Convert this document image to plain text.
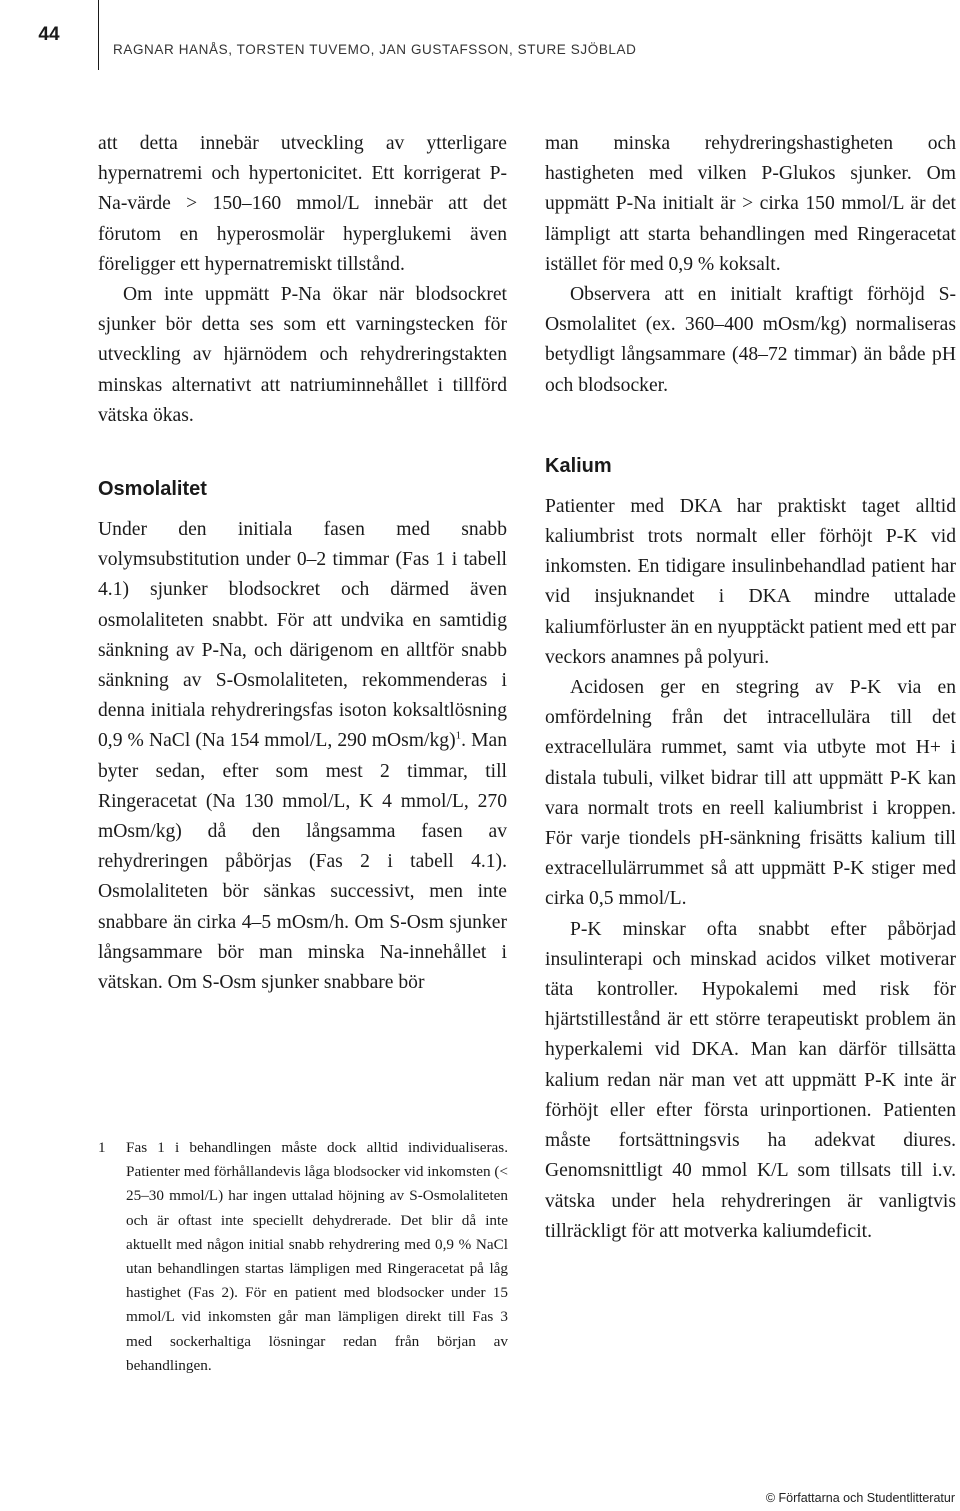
44
RAGNAR HANÅS, TORSTEN TUVEMO, JAN GUSTAFSSON, STURE SJÖBLAD

att detta innebär utveckling av ytterligare hypernatremi och hypertonicitet. Ett korrigerat P-Na-värde > 150–160 mmol/L innebär att det förutom en hyperosmolär hyperglukemi även föreligger ett hypernatremiskt tillstånd.

Om inte uppmätt P-Na ökar när blodsockret sjunker bör detta ses som ett varningstecken för utveckling av hjärnödem och rehydreringstakten minskas alternativt att natriuminnehållet i tillförd vätska ökas.

Osmolalitet

Under den initiala fasen med snabb volymsubstitution under 0–2 timmar (Fas 1 i tabell 4.1) sjunker blodsockret och därmed även osmolaliteten snabbt. För att undvika en samtidig sänkning av P-Na, och därigenom en alltför snabb sänkning av S-Osmolaliteten, rekommenderas i denna initiala rehydreringsfas isoton koksaltlösning 0,9 % NaCl (Na 154 mmol/L, 290 mOsm/kg)$^1$. Man byter sedan, efter som mest 2 timmar, till Ringeracetat (Na 130 mmol/L, K 4 mmol/L, 270 mOsm/kg) då den långsamma fasen av rehydreringen påbörjas (Fas 2 i tabell 4.1). Osmolaliteten bör sänkas successivt, men inte snabbare än cirka 4–5 mOsm/h. Om S-Osm sjunker långsammare bör man minska Na-innehållet i vätskan. Om S-Osm sjunker snabbare bör

1 Fas 1 i behandlingen måste dock alltid individualiseras. Patienter med förhållandevis låga blodsocker vid inkomsten (< 25–30 mmol/L) har ingen uttalad höjning av S-Osmolaliteten och är oftast inte speciellt dehydrerade. Det blir då inte aktuellt med någon initial snabb rehydrering med 0,9 % NaCl utan behandlingen startas lämpligen med Ringeracetat på låg hastighet (Fas 2). För en patient med blodsocker under 15 mmol/L vid inkomsten går man lämpligen direkt till Fas 3 med sockerhaltiga lösningar redan från början av behandlingen.

man minska rehydreringshastigheten och hastigheten med vilken P-Glukos sjunker. Om uppmätt P-Na initialt är > cirka 150 mmol/L är det lämpligt att starta behandlingen med Ringeracetat istället för med 0,9 % koksalt.

Observera att en initialt kraftigt förhöjd S-Osmolalitet (ex. 360–400 mOsm/kg) normaliseras betydligt långsammare (48–72 timmar) än både pH och blodsocker.

Kalium

Patienter med DKA har praktiskt taget alltid kaliumbrist trots normalt eller förhöjt P-K vid inkomsten. En tidigare insulinbehandlad patient har vid insjuknandet i DKA mindre uttalade kaliumförluster än en nyupptäckt patient med ett par veckors anamnes på polyuri.

Acidosen ger en stegring av P-K via en omfördelning från det intracellulära till det extracellulära rummet, samt via utbyte mot H+ i distala tubuli, vilket bidrar till att uppmätt P-K kan vara normalt trots en reell kaliumbrist i kroppen. För varje tiondels pH-sänkning frisätts kalium till extracellulärrummet så att uppmätt P-K stiger med cirka 0,5 mmol/L.

P-K minskar ofta snabbt efter påbörjad insulinterapi och minskad acidos vilket motiverar täta kontroller. Hypokalemi med risk för hjärtstillestånd är ett större terapeutiskt problem än hyperkalemi vid DKA. Man kan därför tillsätta kalium redan när man vet att uppmätt P-K inte är förhöjt eller efter första urinportionen. Patienten måste fortsättningsvis ha adekvat diures. Genomsnittligt 40 mmol K/L som tillsats till i.v. vätska under hela rehydreringen är vanligtvis tillräckligt för att motverka kaliumdeficit.

© Författarna och Studentlitteratur
